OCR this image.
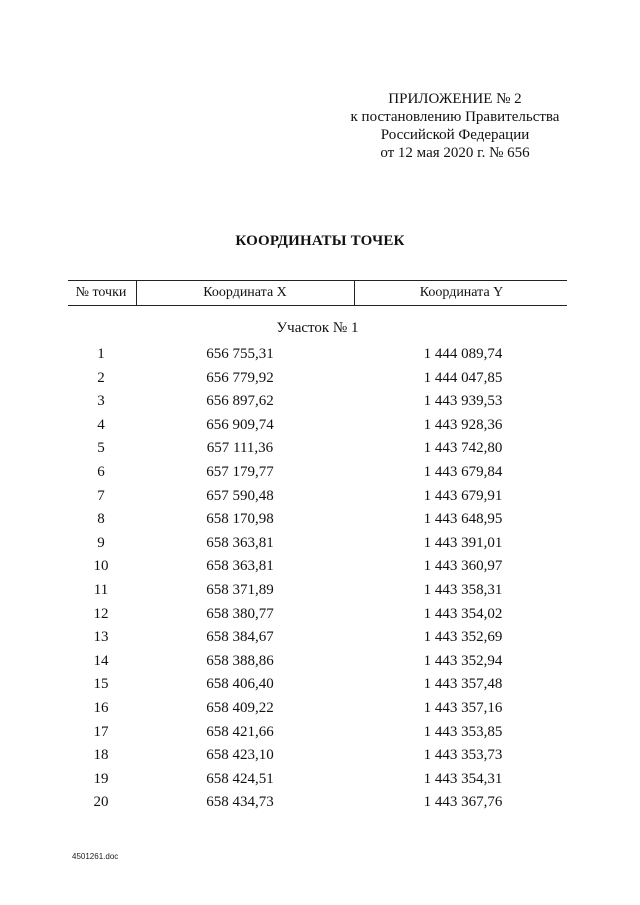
ПРИЛОЖЕНИЕ № 2
к постановлению Правительства
Российской Федерации
от 12 мая 2020 г. № 656
КООРДИНАТЫ ТОЧЕК
№ точки	Координата X	Координата Y
Участок № 1
1	656 755,31	1 444 089,74
2	656 779,92	1 444 047,85
3	656 897,62	1 443 939,53
4	656 909,74	1 443 928,36
5	657 111,36	1 443 742,80
6	657 179,77	1 443 679,84
7	657 590,48	1 443 679,91
8	658 170,98	1 443 648,95
9	658 363,81	1 443 391,01
10	658 363,81	1 443 360,97
11	658 371,89	1 443 358,31
12	658 380,77	1 443 354,02
13	658 384,67	1 443 352,69
14	658 388,86	1 443 352,94
15	658 406,40	1 443 357,48
16	658 409,22	1 443 357,16
17	658 421,66	1 443 353,85
18	658 423,10	1 443 353,73
19	658 424,51	1 443 354,31
20	658 434,73	1 443 367,76
4501261.doc
